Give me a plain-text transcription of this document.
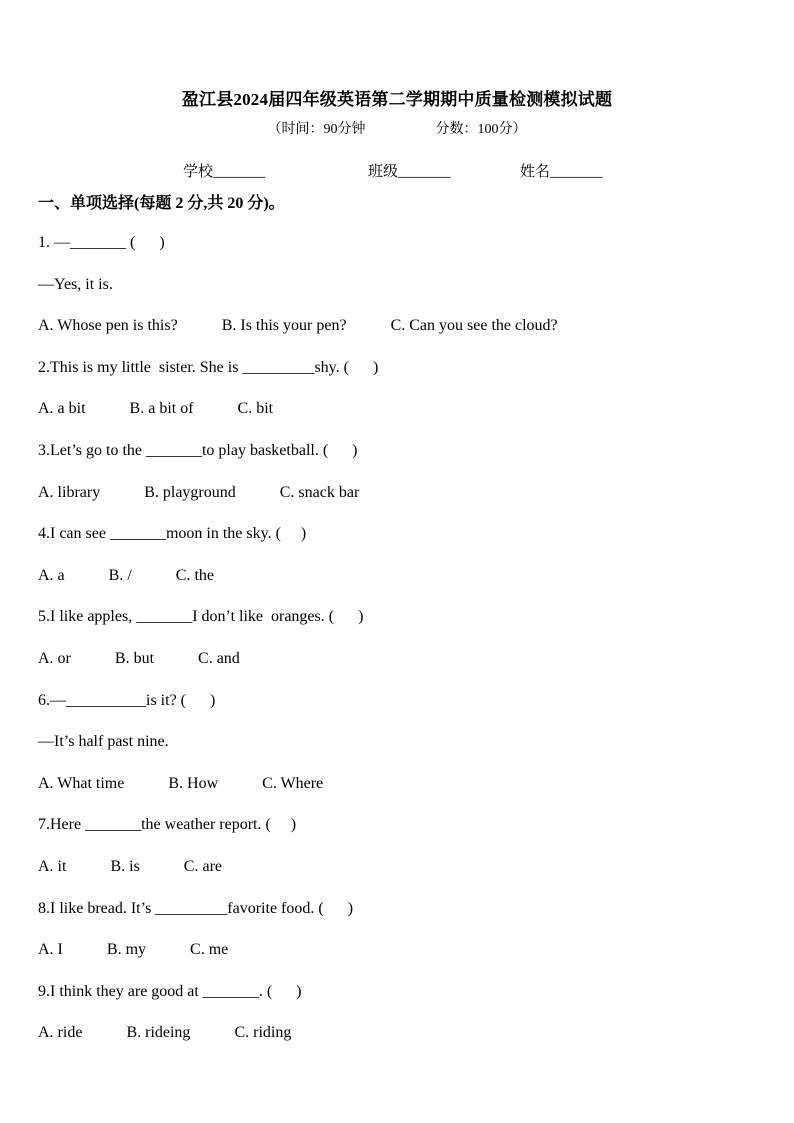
盈江县2024届四年级英语第二学期期中质量检测模拟试题
（时间：90分钟                    分数：100分）
学校_______	班级_______	姓名_______
一、单项选择(每题 2 分,共 20 分)。
1. —_______ (      )
—Yes, it is.
A. Whose pen is this?	B. Is this your pen?	C. Can you see the cloud?
2.This is my little  sister. She is _________shy. (      )
A. a bit	B. a bit of	C. bit
3.Let’s go to the _______to play basketball. (      )
A. library	B. playground	C. snack bar
4.I can see _______moon in the sky. (     )
A. a	B. /	C. the
5.I like apples, _______I don’t like  oranges. (      )
A. or	B. but	C. and
6.—__________is it? (      )
—It’s half past nine.
A. What time	B. How	C. Where
7.Here _______the weather report. (     )
A. it	B. is	C. are
8.I like bread. It’s _________favorite food. (      )
A. I	B. my	C. me
9.I think they are good at _______. (      )
A. ride	B. rideing	C. riding
